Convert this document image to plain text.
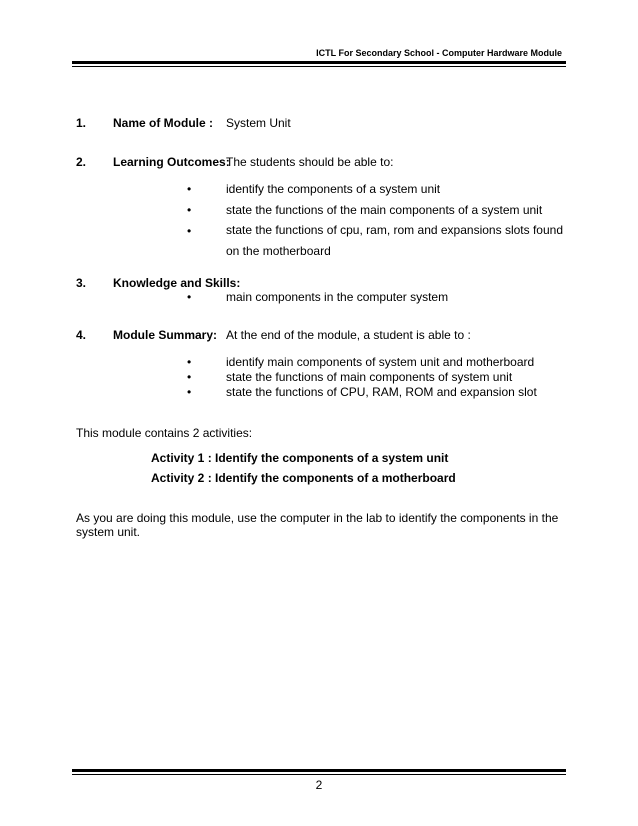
ICTL For Secondary School - Computer Hardware Module
1. Name of Module : System Unit
2. Learning Outcomes:
The students should be able to:
•	identify the components of a system unit
•	state the functions of the main components of a system unit
•	state the functions of cpu, ram, rom and expansions slots found on the motherboard
3. Knowledge and Skills:
•	main components in the computer system
4. Module Summary: At the end of the module, a student is able to :
•	identify main components of system unit and motherboard
•	state the functions of main components of system unit
•	state the functions of CPU, RAM, ROM and expansion slot
This module contains 2 activities:
Activity 1 : Identify the components of a system unit
Activity 2 : Identify the components of a motherboard
As you are doing this module, use the computer in the lab to identify the components in the system unit.
2
